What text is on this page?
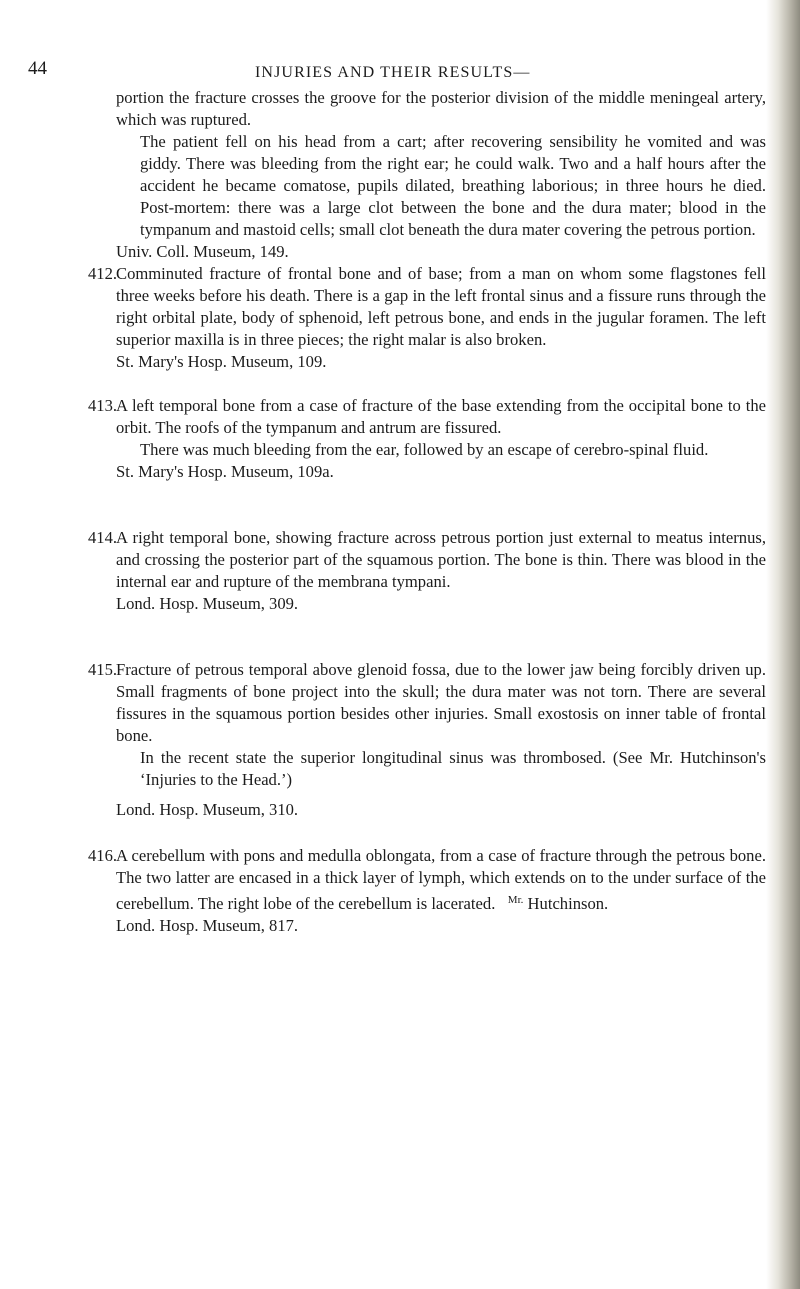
44	INJURIES AND THEIR RESULTS—

portion the fracture crosses the groove for the posterior division of the middle meningeal artery, which was ruptured.

The patient fell on his head from a cart; after recovering sensibility he vomited and was giddy. There was bleeding from the right ear; he could walk. Two and a half hours after the accident he became comatose, pupils dilated, breathing laborious; in three hours he died. Post-mortem: there was a large clot between the bone and the dura mater; blood in the tympanum and mastoid cells; small clot beneath the dura mater covering the petrous portion.

Univ. Coll. Museum, 149.

412.

Comminuted fracture of frontal bone and of base; from a man on whom some flagstones fell three weeks before his death. There is a gap in the left frontal sinus and a fissure runs through the right orbital plate, body of sphenoid, left petrous bone, and ends in the jugular foramen. The left superior maxilla is in three pieces; the right malar is also broken.

St. Mary's Hosp. Museum, 109.

413.

A left temporal bone from a case of fracture of the base extending from the occipital bone to the orbit. The roofs of the tympanum and antrum are fissured.

There was much bleeding from the ear, followed by an escape of cerebro-spinal fluid.

St. Mary's Hosp. Museum, 109a.

414.

A right temporal bone, showing fracture across petrous portion just external to meatus internus, and crossing the posterior part of the squamous portion. The bone is thin. There was blood in the internal ear and rupture of the membrana tympani.

Lond. Hosp. Museum, 309.

415.

Fracture of petrous temporal above glenoid fossa, due to the lower jaw being forcibly driven up. Small fragments of bone project into the skull; the dura mater was not torn. There are several fissures in the squamous portion besides other injuries. Small exostosis on inner table of frontal bone.

In the recent state the superior longitudinal sinus was thrombosed. (See Mr. Hutchinson's ‘Injuries to the Head.’)

Lond. Hosp. Museum, 310.

416.

A cerebellum with pons and medulla oblongata, from a case of fracture through the petrous bone. The two latter are encased in a thick layer of lymph, which extends on to the under surface of the cerebellum. The right lobe of the cerebellum is lacerated. $^{Mr.}$ Hutchinson.

Lond. Hosp. Museum, 817.
